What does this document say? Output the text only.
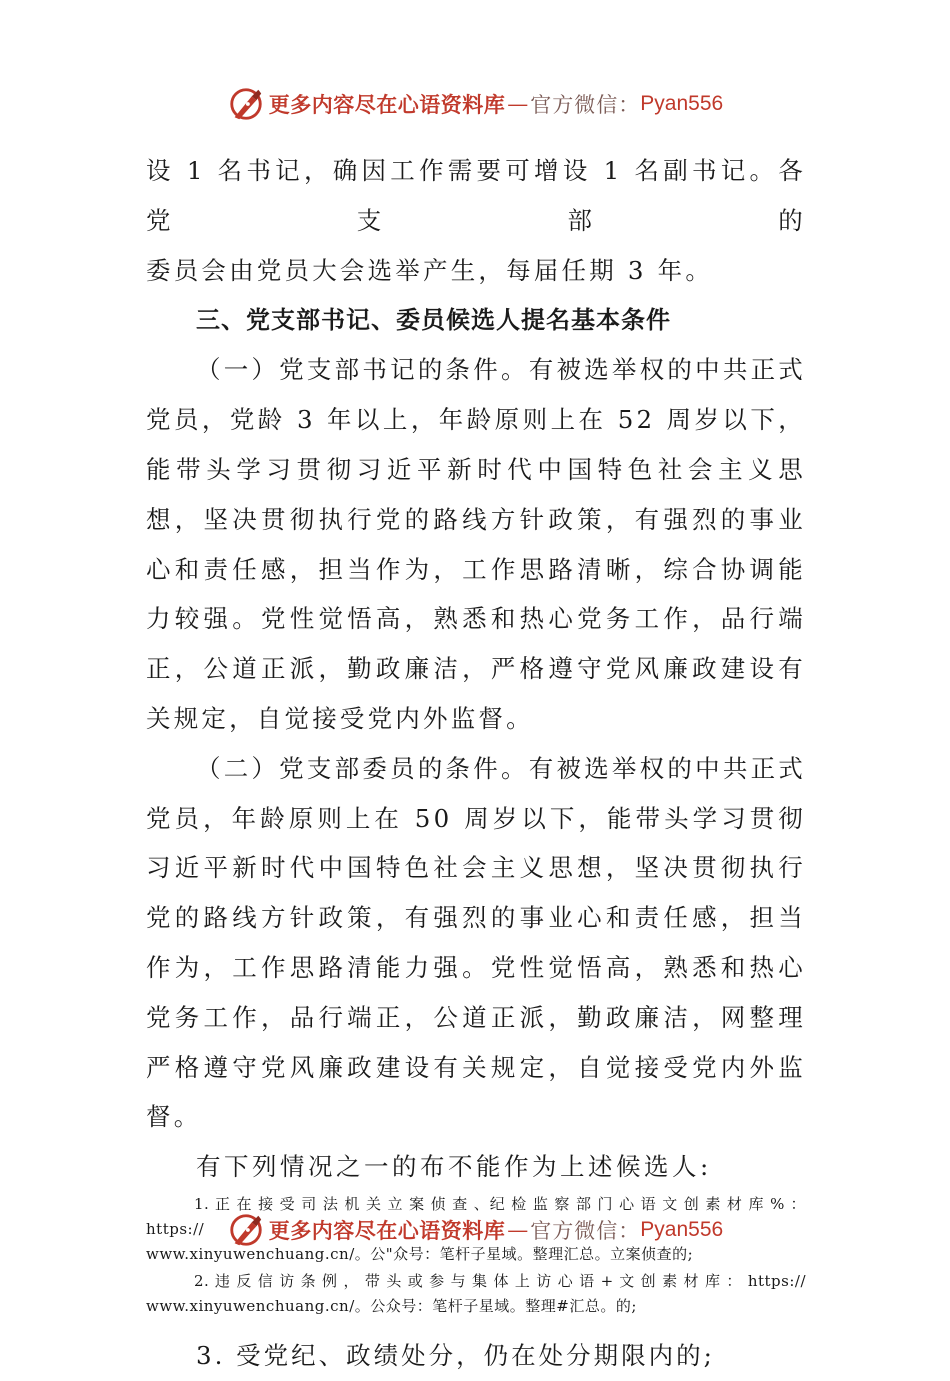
更多内容尽在心语资料库 — 官方微信： Pyan556

设 1 名书记，确因工作需要可增设 1 名副书记。各党支部的

委员会由党员大会选举产生，每届任期 3 年。

三、党支部书记、委员候选人提名基本条件

（一）党支部书记的条件。有被选举权的中共正式党员，党龄 3 年以上，年龄原则上在 52 周岁以下，能带头学习贯彻习近平新时代中国特色社会主义思想，坚决贯彻执行党的路线方针政策，有强烈的事业心和责任感，担当作为，工作思路清晰，综合协调能力较强。党性觉悟高，熟悉和热心党务工作，品行端正，公道正派，勤政廉洁，严格遵守党风廉政建设有关规定，自觉接受党内外监督。

（二）党支部委员的条件。有被选举权的中共正式党员，年龄原则上在 50 周岁以下，能带头学习贯彻习近平新时代中国特色社会主义思想，坚决贯彻执行党的路线方针政策，有强烈的事业心和责任感，担当作为，工作思路清能力强。党性觉悟高，熟悉和热心党务工作，品行端正，公道正派，勤政廉洁，网整理严格遵守党风廉政建设有关规定，自觉接受党内外监督。

有下列情况之一的布不能作为上述候选人:

1. 正 在 接 受 司 法 机 关 立 案 侦 查 、纪 检 监 察 部 门 心 语 文 创 素 材 库 % ： https://

www.xinyuwenchuang.cn/。公"众号：笔杆子星域。整理汇总。立案侦查的;

2. 违 反 信 访 条 例 ， 带 头 或 参 与 集 体 上 访 心 语 + 文 创 素 材 库 ： https://

www.xinyuwenchuang.cn/。公众号：笔杆子星域。整理#汇总。的;

3. 受党纪、政绩处分，仍在处分期限内的;

更多内容尽在心语资料库 — 官方微信： Pyan556
